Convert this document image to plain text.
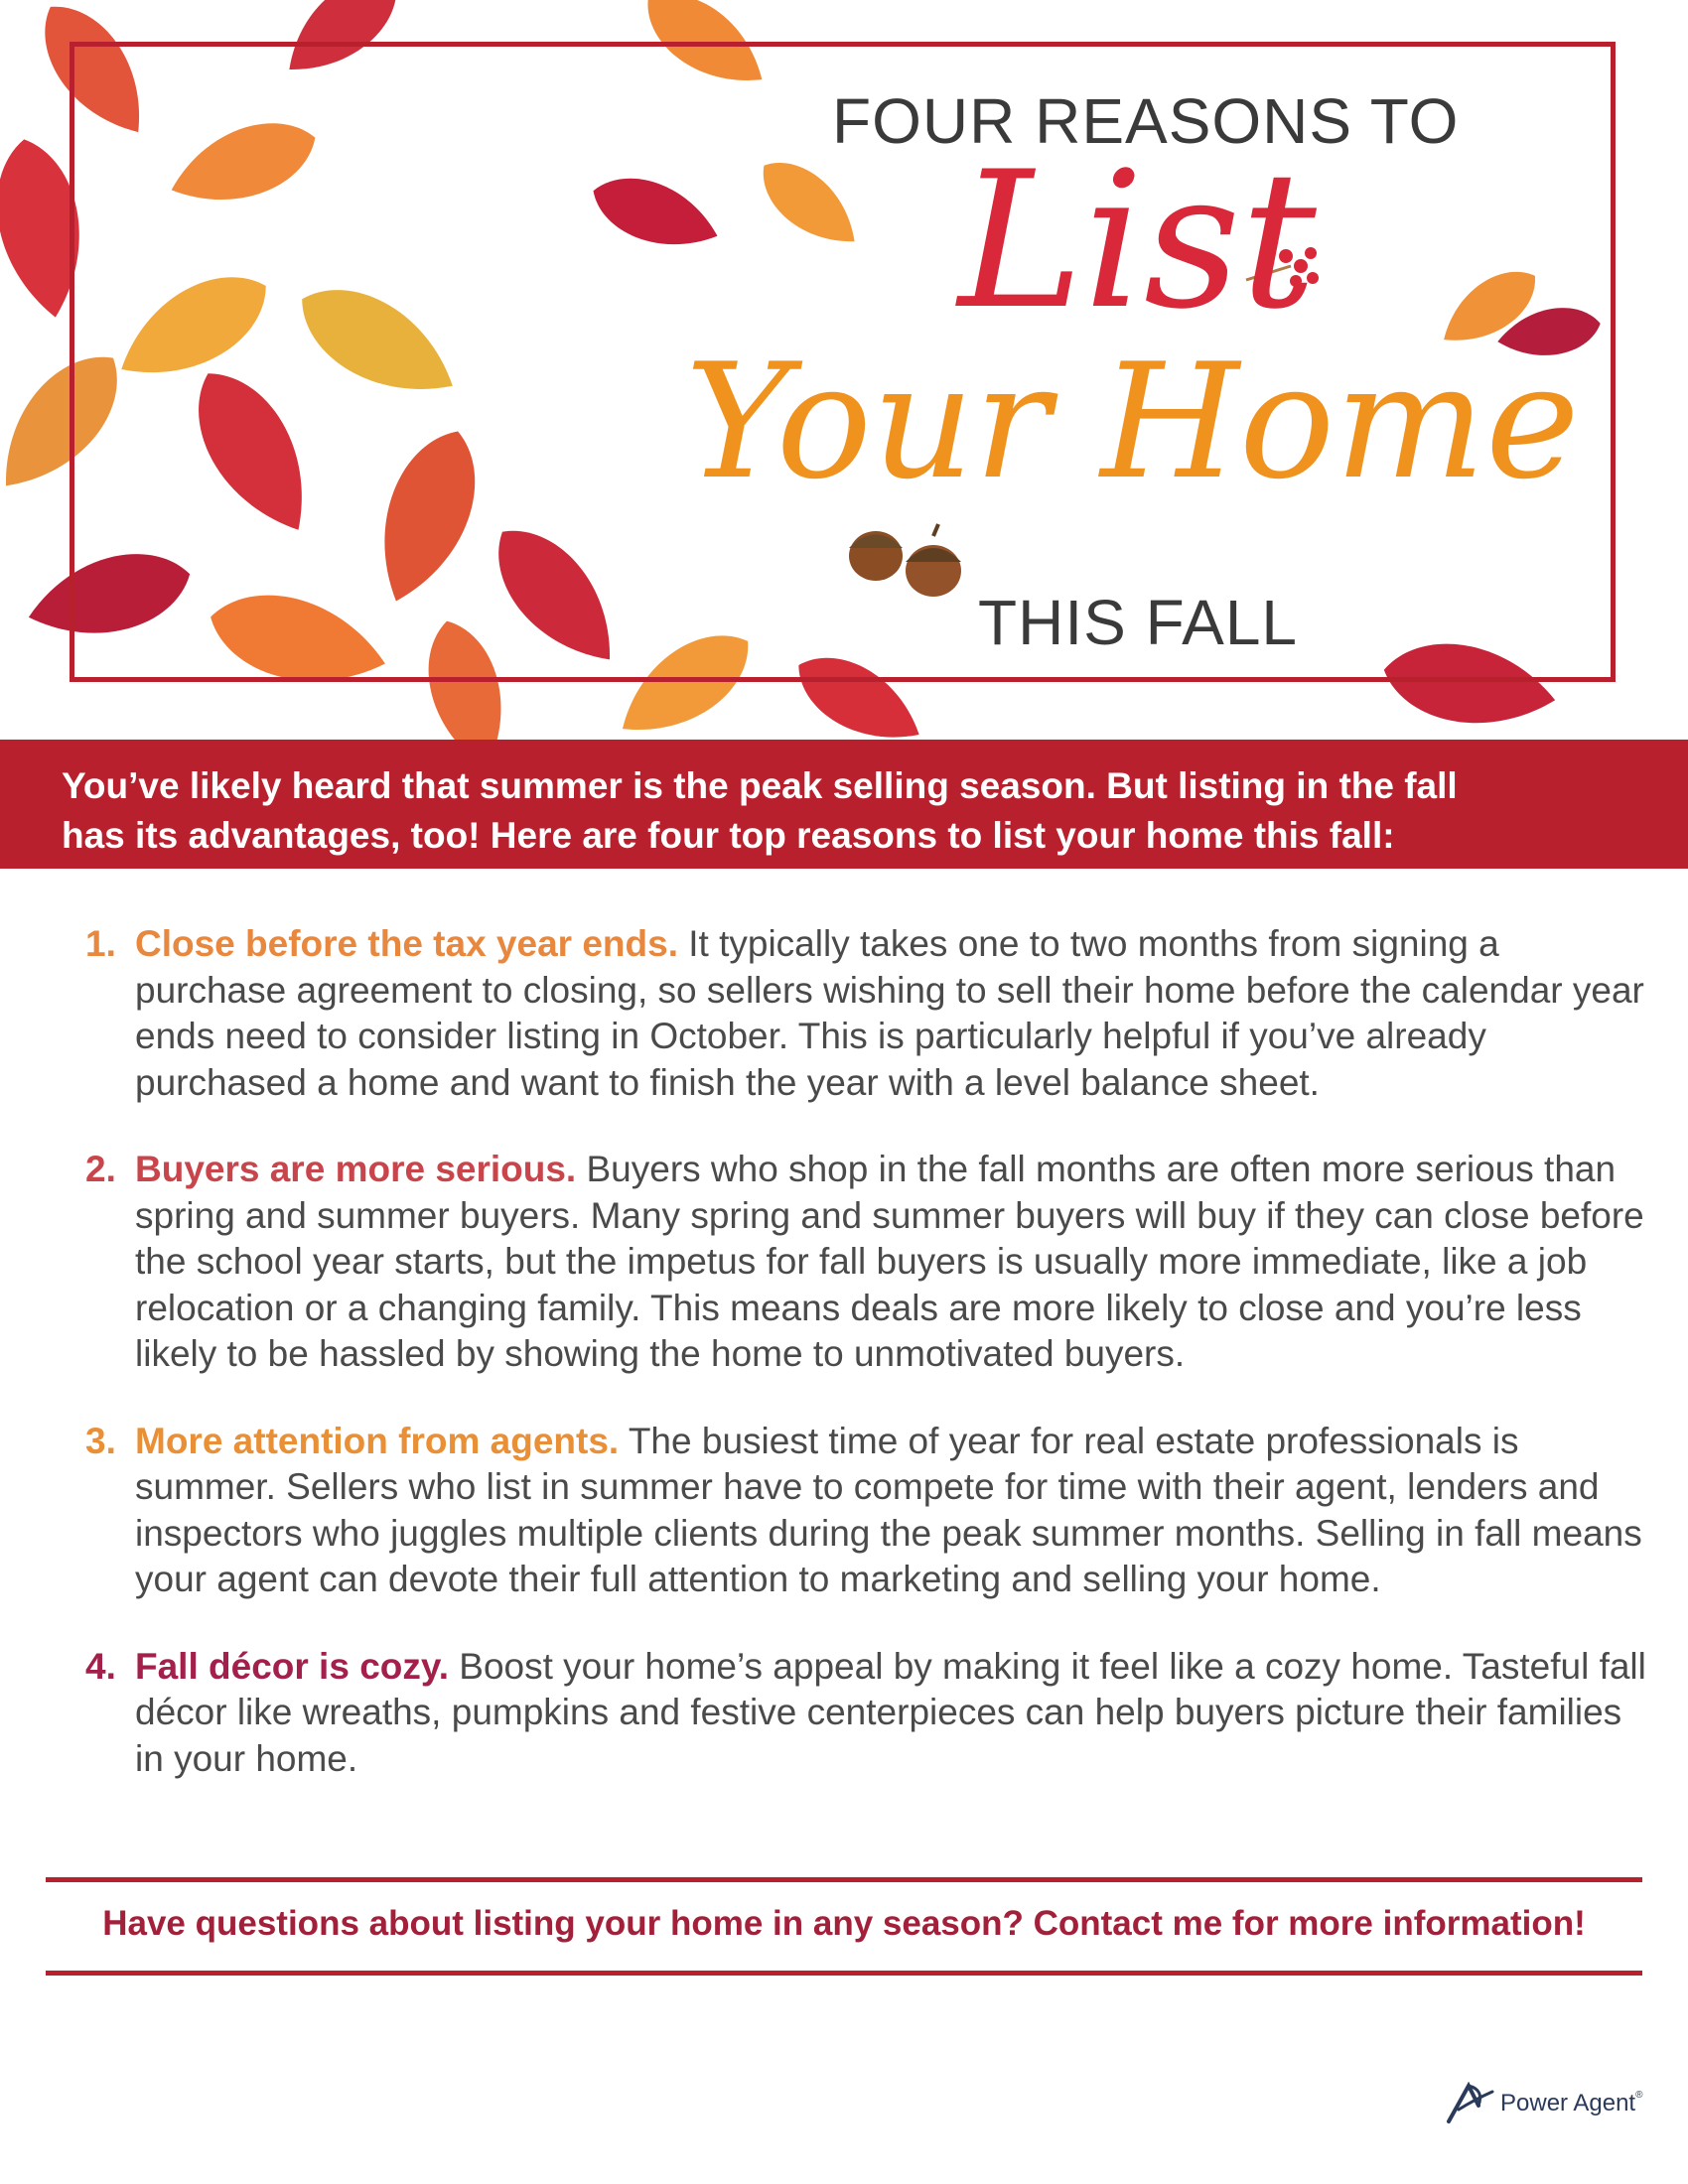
FOUR REASONS TO
List
Your Home
THIS FALL

You’ve likely heard that summer is the peak selling season. But listing in the fall

has its advantages, too! Here are four top reasons to list your home this fall:

1. Close before the tax year ends. It typically takes one to two months from signing a purchase agreement to closing, so sellers wishing to sell their home before the calendar year ends need to consider listing in October. This is particularly helpful if you’ve already purchased a home and want to finish the year with a level balance sheet.
2. Buyers are more serious. Buyers who shop in the fall months are often more serious than spring and summer buyers. Many spring and summer buyers will buy if they can close before the school year starts, but the impetus for fall buyers is usually more immediate, like a job relocation or a changing family. This means deals are more likely to close and you’re less likely to be hassled by showing the home to unmotivated buyers.
3. More attention from agents. The busiest time of year for real estate professionals is summer. Sellers who list in summer have to compete for time with their agent, lenders and inspectors who juggles multiple clients during the peak summer months. Selling in fall means your agent can devote their full attention to marketing and selling your home.
4. Fall décor is cozy. Boost your home’s appeal by making it feel like a cozy home. Tasteful fall décor like wreaths, pumpkins and festive centerpieces can help buyers picture their families in your home.
Have questions about listing your home in any season? Contact me for more information!
Power Agent®
